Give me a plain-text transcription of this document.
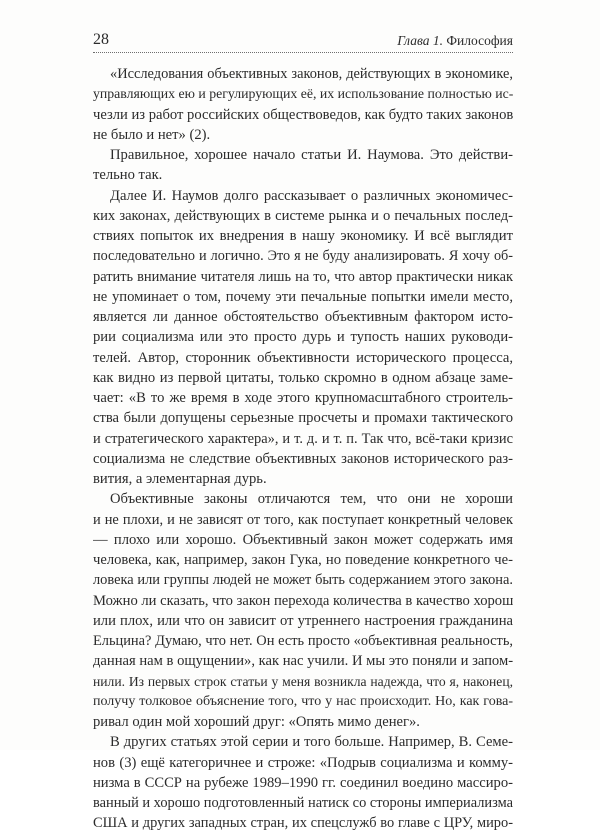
28	Глава 1. Философия
«Исследования объективных законов, действующих в экономике,
управляющих ею и регулирующих её, их использование полностью ис-
чезли из работ российских обществоведов, как будто таких законов
не было и нет» (2).
Правильное, хорошее начало статьи И. Наумова. Это действи-
тельно так.
Далее И. Наумов долго рассказывает о различных экономичес-
ких законах, действующих в системе рынка и о печальных послед-
ствиях попыток их внедрения в нашу экономику. И всё выглядит
последовательно и логично. Это я не буду анализировать. Я хочу об-
ратить внимание читателя лишь на то, что автор практически никак
не упоминает о том, почему эти печальные попытки имели место,
является ли данное обстоятельство объективным фактором исто-
рии социализма или это просто дурь и тупость наших руководи-
телей. Автор, сторонник объективности исторического процесса,
как видно из первой цитаты, только скромно в одном абзаце заме-
чает: «В то же время в ходе этого крупномасштабного строитель-
ства были допущены серьезные просчеты и промахи тактического
и стратегического характера», и т. д. и т. п. Так что, всё-таки кризис
социализма не следствие объективных законов исторического раз-
вития, а элементарная дурь.
Объективные законы отличаются тем, что они не хороши
и не плохи, и не зависят от того, как поступает конкретный человек
— плохо или хорошо. Объективный закон может содержать имя
человека, как, например, закон Гука, но поведение конкретного че-
ловека или группы людей не может быть содержанием этого закона.
Можно ли сказать, что закон перехода количества в качество хорош
или плох, или что он зависит от утреннего настроения гражданина
Ельцина? Думаю, что нет. Он есть просто «объективная реальность,
данная нам в ощущении», как нас учили. И мы это поняли и запом-
нили. Из первых строк статьи у меня возникла надежда, что я, наконец,
получу толковое объяснение того, что у нас происходит. Но, как гова-
ривал один мой хороший друг: «Опять мимо денег».
В других статьях этой серии и того больше. Например, В. Семе-
нов (3) ещё категоричнее и строже: «Подрыв социализма и комму-
низма в СССР на рубеже 1989–1990 гг. соединил воедино массиро-
ванный и хорошо подготовленный натиск со стороны империализма
США и других западных стран, их спецслужб во главе с ЦРУ, миро-
